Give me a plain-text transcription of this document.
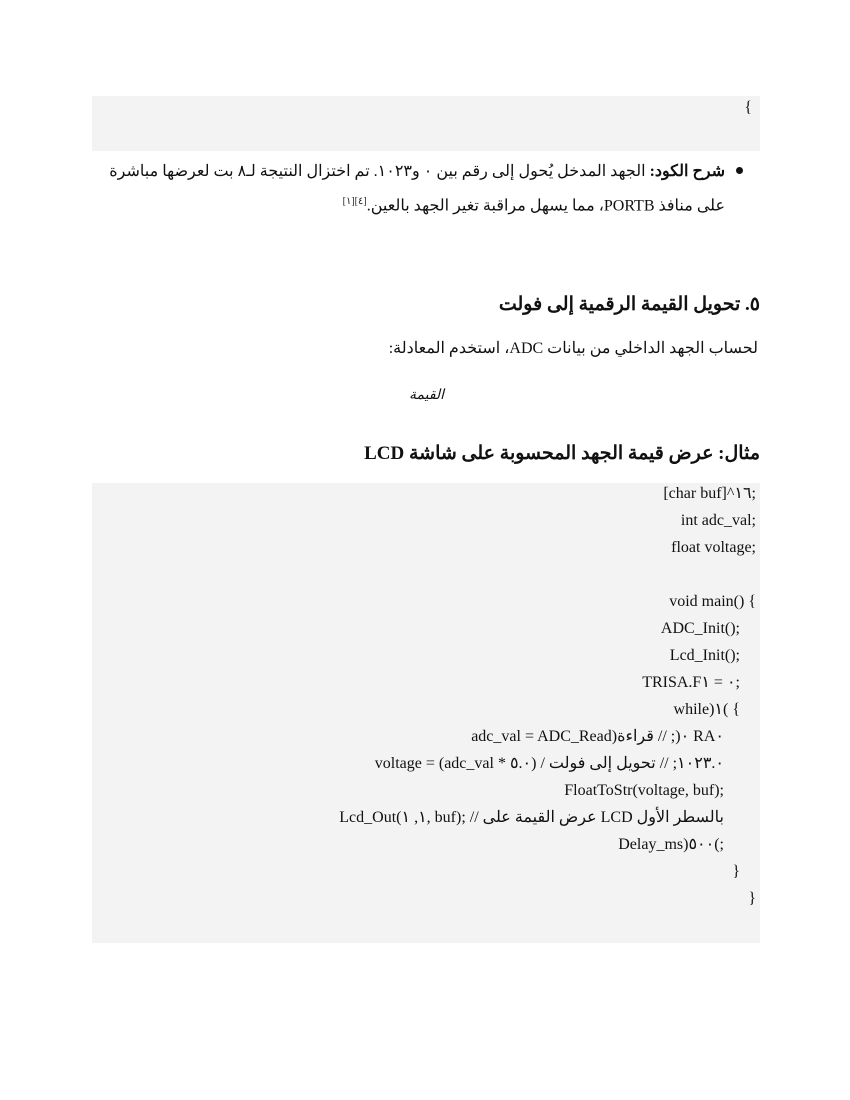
{
شرح الكود: الجهد المدخل يُحول إلى رقم بين ٠ و١٠٢٣. تم اختزال النتيجة لـ٨ بت لعرضها مباشرة على منافذ PORTB، مما يسهل مراقبة تغير الجهد بالعين.[٤][١]
٥. تحويل القيمة الرقمية إلى فولت
لحساب الجهد الداخلي من بيانات ADC، استخدم المعادلة:
القيمة
مثال: عرض قيمة الجهد المحسوبة على شاشة LCD
[char buf]^١٦;
int adc_val;
float voltage;
void main() {
ADC_Init();
Lcd_Init();
TRISA.F٠ = ١;
while)١( {
adc_val = ADC_Read)٠(; // قراءة RA٠
voltage = (adc_val * ٥.٠) / ١٠٢٣.٠; // تحويل إلى فولت
FloatToStr(voltage, buf);
Lcd_Out(١, ١, buf); // عرض القيمة على LCD بالسطر الأول
Delay_ms)٥٠٠(;
}
}
